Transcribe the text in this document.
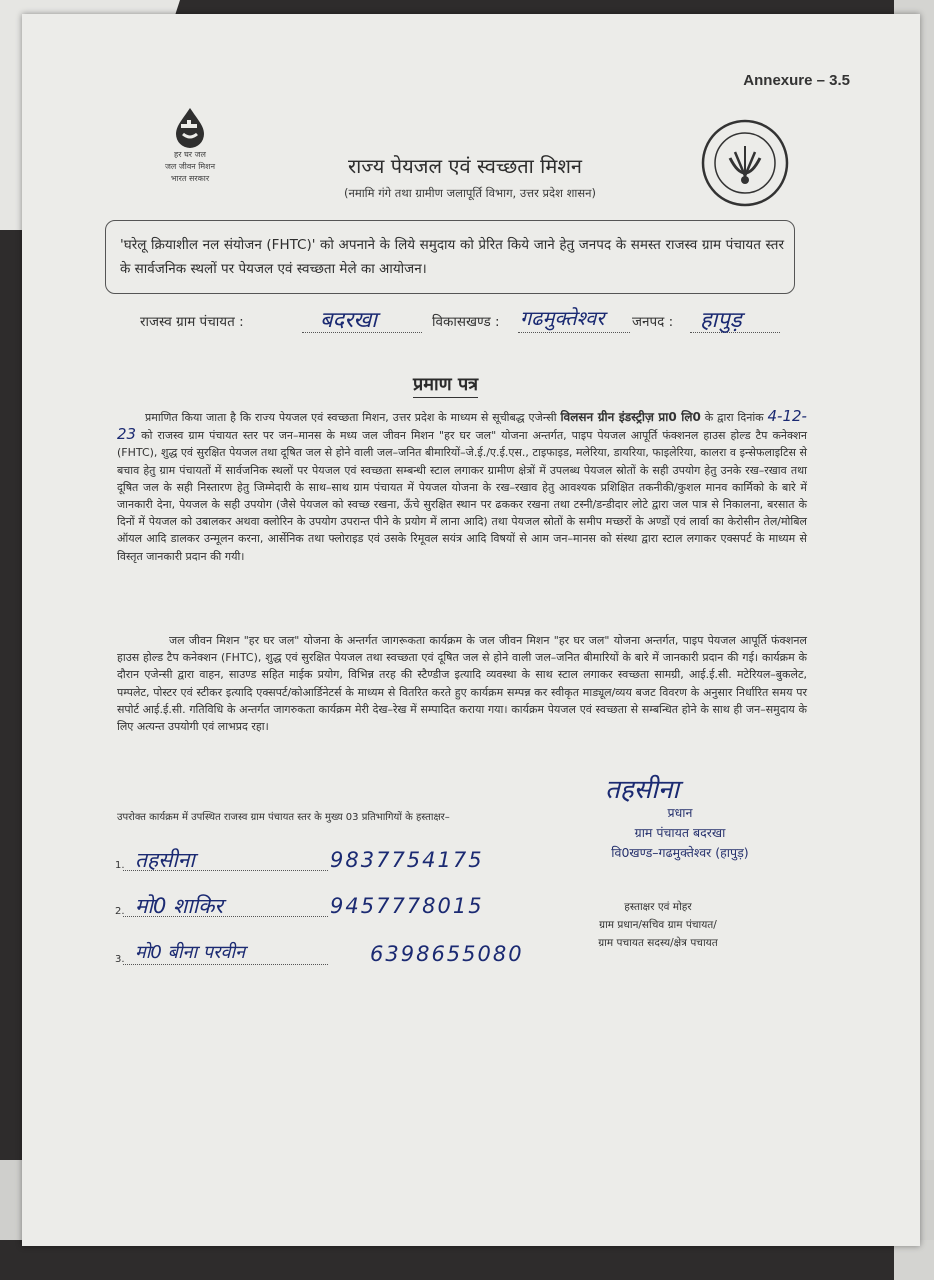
Annexure – 3.5
हर घर जल
जल जीवन मिशन
भारत सरकार
राज्य पेयजल एवं स्वच्छता मिशन
(नमामि गंगे तथा ग्रामीण जलापूर्ति विभाग, उत्तर प्रदेश शासन)
'घरेलू क्रियाशील नल संयोजन (FHTC)' को अपनाने के लिये समुदाय को प्रेरित किये जाने हेतु जनपद के समस्त राजस्व ग्राम पंचायत स्तर के सार्वजनिक स्थलों पर पेयजल एवं स्वच्छता मेले का आयोजन।
राजस्व ग्राम पंचायत :	बदरखा	विकासखण्ड : गढमुक्तेश्वर जनपद : हापुड़
प्रमाण पत्र
प्रमाणित किया जाता है कि राज्य पेयजल एवं स्वच्छता मिशन, उत्तर प्रदेश के माध्यम से सूचीबद्ध एजेन्सी विलसन ग्रीन इंडस्ट्रीज़ प्रा0 लि0 के द्वारा दिनांक 4-12-23 को राजस्व ग्राम पंचायत स्तर पर जन–मानस के मध्य जल जीवन मिशन "हर घर जल" योजना अन्तर्गत, पाइप पेयजल आपूर्ति फंक्शनल हाउस होल्ड टैप कनेक्शन (FHTC), शुद्ध एवं सुरक्षित पेयजल तथा दूषित जल से होने वाली जल–जनित बीमारियों–जे.ई./ए.ई.एस., टाइफाइड, मलेरिया, डायरिया, फाइलेरिया, कालरा व इन्सेफलाइटिस से बचाव हेतु ग्राम पंचायतों में सार्वजनिक स्थलों पर पेयजल एवं स्वच्छता सम्बन्धी स्टाल लगाकर ग्रामीण क्षेत्रों में उपलब्ध पेयजल स्रोतों के सही उपयोग हेतु उनके रख–रखाव तथा दूषित जल के सही निस्तारण हेतु जिम्मेदारी के साथ–साथ ग्राम पंचायत में पेयजल योजना के रख–रखाव हेतु आवश्यक प्रशिक्षित तकनीकी/कुशल मानव कार्मिको के बारे में जानकारी देना, पेयजल के सही उपयोग (जैसे पेयजल को स्वच्छ रखना, ऊँचे सुरक्षित स्थान पर ढककर रखना तथा टस्नी/डन्डीदार लोटे द्वारा जल पात्र से निकालना, बरसात के दिनों में पेयजल को उबालकर अथवा क्लोरिन के उपयोग उपरान्त पीने के प्रयोग में लाना आदि) तथा पेयजल स्रोतों के समीप मच्छरों के अण्डों एवं लार्वा का केरोसीन तेल/मोबिल ऑयल आदि डालकर उन्मूलन करना, आर्सेनिक तथा फ्लोराइड एवं उसके रिमूवल सयंत्र आदि विषयों से आम जन–मानस को संस्था द्वारा स्टाल लगाकर एक्सपर्ट के माध्यम से विस्तृत जानकारी प्रदान की गयी।
जल जीवन मिशन "हर घर जल" योजना के अन्तर्गत जागरूकता कार्यक्रम के जल जीवन मिशन "हर घर जल" योजना अन्तर्गत, पाइप पेयजल आपूर्ति फंक्शनल हाउस होल्ड टैप कनेक्शन (FHTC), शुद्ध एवं सुरक्षित पेयजल तथा स्वच्छता एवं दूषित जल से होने वाली जल–जनित बीमारियों के बारे में जानकारी प्रदान की गई। कार्यक्रम के दौरान एजेन्सी द्वारा वाहन, साउण्ड सहित माईक प्रयोग, विभिन्न तरह की स्टैण्डीज इत्यादि व्यवस्था के साथ स्टाल लगाकर स्वच्छता सामग्री, आई.ई.सी. मटेरियल–बुकलेट, पम्पलेट, पोस्टर एवं स्टीकर इत्यादि एक्सपर्ट/कोआर्डिनेटर्स के माध्यम से वितरित करते हुए कार्यक्रम सम्पन्न कर स्वीकृत माड्यूल/व्यय बजट विवरण के अनुसार निर्धारित समय पर सपोर्ट आई.ई.सी. गतिविधि के अन्तर्गत जागरुकता कार्यक्रम मेरी देख–रेख में सम्पादित कराया गया। कार्यक्रम पेयजल एवं स्वच्छता से सम्बन्धित होने के साथ ही जन–समुदाय के लिए अत्यन्त उपयोगी एवं लाभप्रद रहा।
तहसीना
प्रधान
ग्राम पंचायत बदरखा
वि0खण्ड–गढमुक्तेश्वर (हापुड़)
उपरोक्त कार्यक्रम में उपस्थित राजस्व ग्राम पंचायत स्तर के मुख्य 03 प्रतिभागियों के हस्ताक्षर–
1. तहसीना	9837754175
2. मो0 शाकिर	9457778015
3. मो0 बीना परवीन	6398655080
हस्ताक्षर एवं मोहर
ग्राम प्रधान/सचिव ग्राम पंचायत/
ग्राम पचायत सदस्य/क्षेत्र पचायत
